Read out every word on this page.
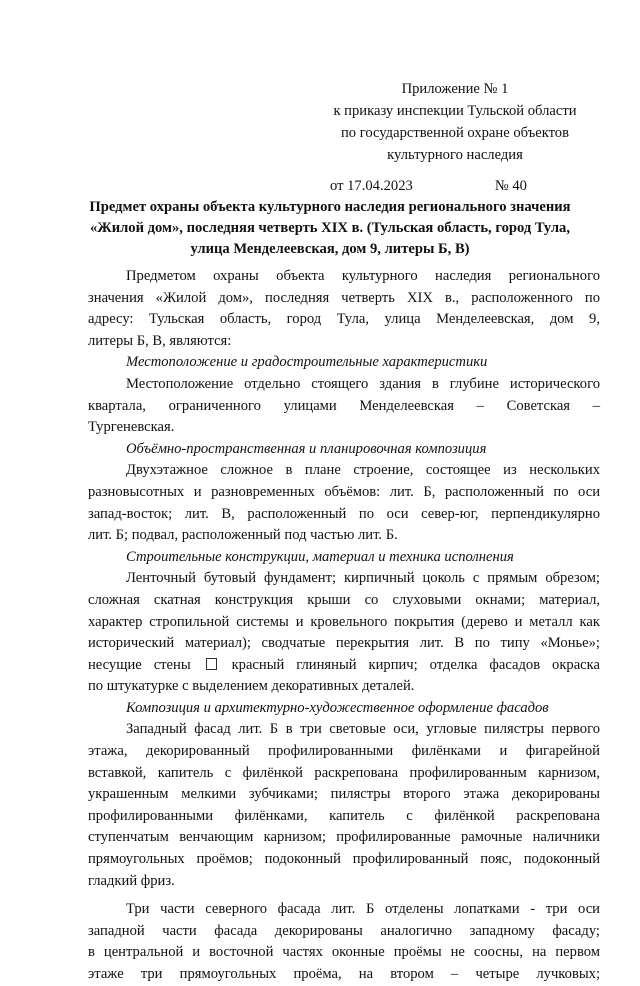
Приложение № 1
к приказу инспекции Тульской области
по государственной охране объектов
культурного наследия
от 17.04.2023	№ 40
Предмет охраны объекта культурного наследия регионального значения
«Жилой дом», последняя четверть XIX в. (Тульская область, город Тула,
улица Менделеевская, дом 9, литеры Б, В)
Предметом охраны объекта культурного наследия регионального
значения «Жилой дом», последняя четверть XIX в., расположенного по
адресу: Тульская область, город Тула, улица Менделеевская, дом 9,
литеры Б, В, являются:
Местоположение и градостроительные характеристики
Местоположение отдельно стоящего здания в глубине исторического
квартала, ограниченного улицами Менделеевская – Советская –
Тургеневская.
Объёмно-пространственная и планировочная композиция
Двухэтажное сложное в плане строение, состоящее из нескольких
разновысотных и разновременных объёмов: лит. Б, расположенный по оси
запад-восток; лит. В, расположенный по оси север-юг, перпендикулярно
лит. Б; подвал, расположенный под частью лит. Б.
Строительные конструкции, материал и техника исполнения
Ленточный бутовый фундамент; кирпичный цоколь с прямым обрезом;
сложная скатная конструкция крыши со слуховыми окнами; материал,
характер стропильной системы и кровельного покрытия (дерево и металл как
исторический материал); сводчатые перекрытия лит. В по типу «Монье»;
несущие стены	красный глиняный кирпич; отделка фасадов окраска
по штукатурке с выделением декоративных деталей.
Композиция и архитектурно-художественное оформление фасадов
Западный фасад лит. Б в три световые оси, угловые пилястры первого
этажа, декорированный профилированными филёнками и фигарейной
вставкой, капитель с филёнкой раскрепована профилированным карнизом,
украшенным мелкими зубчиками; пилястры второго этажа декорированы
профилированными филёнками, капитель с филёнкой раскрепована
ступенчатым венчающим карнизом; профилированные рамочные наличники
прямоугольных проёмов; подоконный профилированный пояс, подоконный
гладкий фриз.
Три части северного фасада лит. Б отделены лопатками - три оси
западной части фасада декорированы аналогично западному фасаду;
в центральной и восточной частях оконные проёмы не соосны, на первом
этаже три прямоугольных проёма, на втором – четыре лучковых;
